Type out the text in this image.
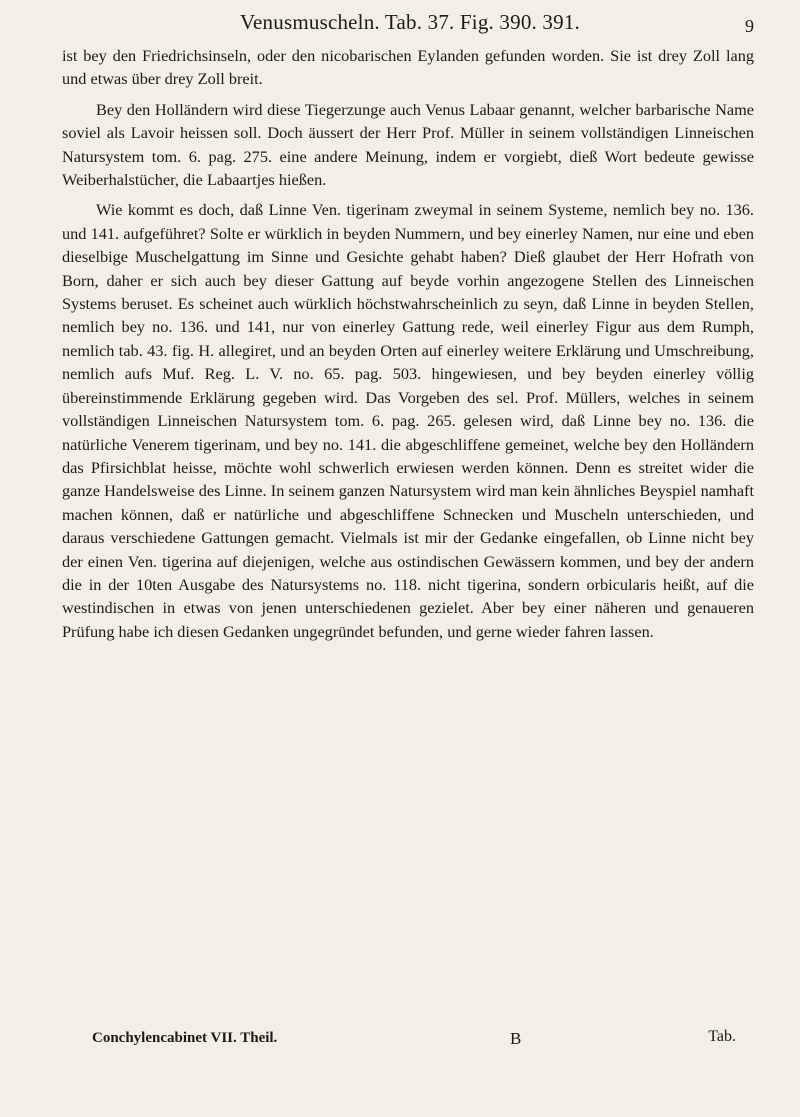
Venusmuscheln. Tab. 37. Fig. 390. 391.	9

ist bey den Friedrichsinseln, oder den nicobarischen Eylanden gefunden worden. Sie ist drey Zoll lang und etwas über drey Zoll breit.

Bey den Holländern wird diese Tiegerzunge auch Venus Labaar genannt, welcher barbarische Name soviel als Lavoir heissen soll. Doch äussert der Herr Prof. Müller in seinem vollständigen Linneischen Natursystem tom. 6. pag. 275. eine andere Meinung, indem er vorgiebt, dieß Wort bedeute gewisse Weiberhalstücher, die Labaartjes hießen.

Wie kommt es doch, daß Linne Ven. tigerinam zweymal in seinem Systeme, nemlich bey no. 136. und 141. aufgeführet? Solte er würklich in beyden Nummern, und bey einerley Namen, nur eine und eben dieselbige Muschelgattung im Sinne und Gesichte gehabt haben? Dieß glaubet der Herr Hofrath von Born, daher er sich auch bey dieser Gattung auf beyde vorhin angezogene Stellen des Linneischen Systems beruset. Es scheinet auch würklich höchstwahrscheinlich zu seyn, daß Linne in beyden Stellen, nemlich bey no. 136. und 141, nur von einerley Gattung rede, weil einerley Figur aus dem Rumph, nemlich tab. 43. fig. H. allegiret, und an beyden Orten auf einerley weitere Erklärung und Umschreibung, nemlich aufs Muf. Reg. L. V. no. 65. pag. 503. hingewiesen, und bey beyden einerley völlig übereinstimmende Erklärung gegeben wird. Das Vorgeben des sel. Prof. Müllers, welches in seinem vollständigen Linneischen Natursystem tom. 6. pag. 265. gelesen wird, daß Linne bey no. 136. die natürliche Venerem tigerinam, und bey no. 141. die abgeschliffene gemeinet, welche bey den Holländern das Pfirsichblat heisse, möchte wohl schwerlich erwiesen werden können. Denn es streitet wider die ganze Handelsweise des Linne. In seinem ganzen Natursystem wird man kein ähnliches Beyspiel namhaft machen können, daß er natürliche und abgeschliffene Schnecken und Muscheln unterschieden, und daraus verschiedene Gattungen gemacht. Vielmals ist mir der Gedanke eingefallen, ob Linne nicht bey der einen Ven. tigerina auf diejenigen, welche aus ostindischen Gewässern kommen, und bey der andern die in der 10ten Ausgabe des Natursystems no. 118. nicht tigerina, sondern orbicularis heißt, auf die westindischen in etwas von jenen unterschiedenen gezielet. Aber bey einer näheren und genaueren Prüfung habe ich diesen Gedanken ungegründet befunden, und gerne wieder fahren lassen.

Conchylencabinet VII. Theil.	B	Tab.
